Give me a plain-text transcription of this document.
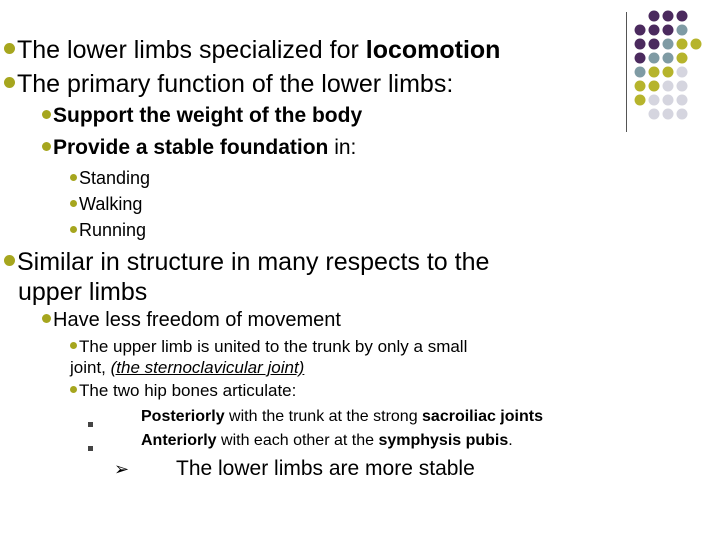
The lower limbs specialized for locomotion
The primary function of the lower limbs:
Support the weight of the body
Provide a stable foundation in:
Standing
Walking
Running
Similar in structure in many respects to the
upper limbs
Have less freedom of movement
The upper limb is united to the trunk by only a small
joint, (the sternoclavicular joint)
The two hip bones articulate:
Posteriorly with the trunk at the strong sacroiliac joints
Anteriorly with each other at the symphysis pubis.
➢ The lower limbs are more stable
